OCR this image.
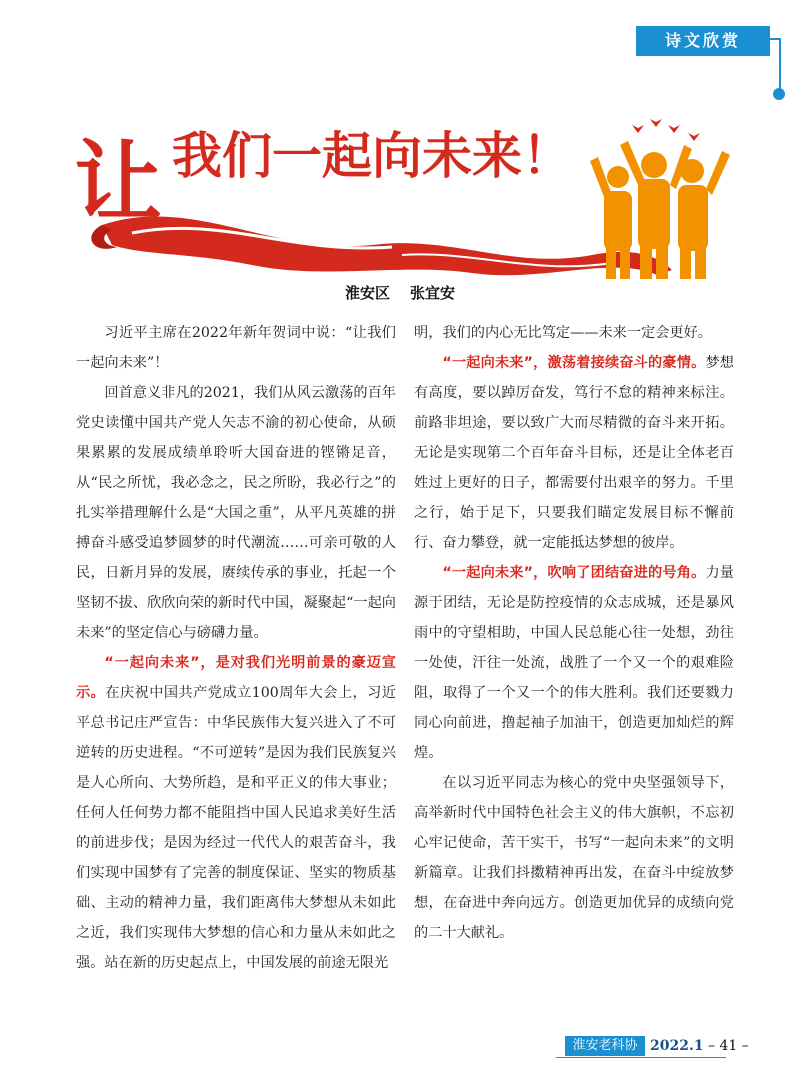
诗文欣赏
让 我们一起向未来！
淮安区 张宜安

习近平主席在2022年新年贺词中说：“让我们一起向未来”！

回首意义非凡的2021，我们从风云激荡的百年党史读懂中国共产党人矢志不渝的初心使命，从硕果累累的发展成绩单聆听大国奋进的铿锵足音，从“民之所忧，我必念之，民之所盼，我必行之”的扎实举措理解什么是“大国之重”，从平凡英雄的拼搏奋斗感受追梦圆梦的时代潮流……可亲可敬的人民，日新月异的发展，赓续传承的事业，托起一个坚韧不拔、欣欣向荣的新时代中国，凝聚起“一起向未来”的坚定信心与磅礴力量。

“一起向未来”，是对我们光明前景的豪迈宣示。在庆祝中国共产党成立100周年大会上，习近平总书记庄严宣告：中华民族伟大复兴进入了不可逆转的历史进程。“不可逆转”是因为我们民族复兴是人心所向、大势所趋，是和平正义的伟大事业；任何人任何势力都不能阻挡中国人民追求美好生活的前进步伐；是因为经过一代代人的艰苦奋斗，我们实现中国梦有了完善的制度保证、坚实的物质基础、主动的精神力量，我们距离伟大梦想从未如此之近，我们实现伟大梦想的信心和力量从未如此之强。站在新的历史起点上，中国发展的前途无限光

明，我们的内心无比笃定——未来一定会更好。

“一起向未来”，激荡着接续奋斗的豪情。梦想有高度，要以踔厉奋发，笃行不怠的精神来标注。前路非坦途，要以致广大而尽精微的奋斗来开拓。无论是实现第二个百年奋斗目标，还是让全体老百姓过上更好的日子，都需要付出艰辛的努力。千里之行，始于足下，只要我们瞄定发展目标不懈前行、奋力攀登，就一定能抵达梦想的彼岸。

“一起向未来”，吹响了团结奋进的号角。力量源于团结，无论是防控疫情的众志成城，还是暴风雨中的守望相助，中国人民总能心往一处想，劲往一处使，汗往一处流，战胜了一个又一个的艰难险阻，取得了一个又一个的伟大胜利。我们还要戮力同心向前进，撸起袖子加油干，创造更加灿烂的辉煌。

在以习近平同志为核心的党中央坚强领导下，高举新时代中国特色社会主义的伟大旗帜，不忘初心牢记使命，苦干实干，书写“一起向未来”的文明新篇章。让我们抖擞精神再出发，在奋斗中绽放梦想，在奋进中奔向远方。创造更加优异的成绩向党的二十大献礼。

淮安老科协 2022.1 – 41 –
